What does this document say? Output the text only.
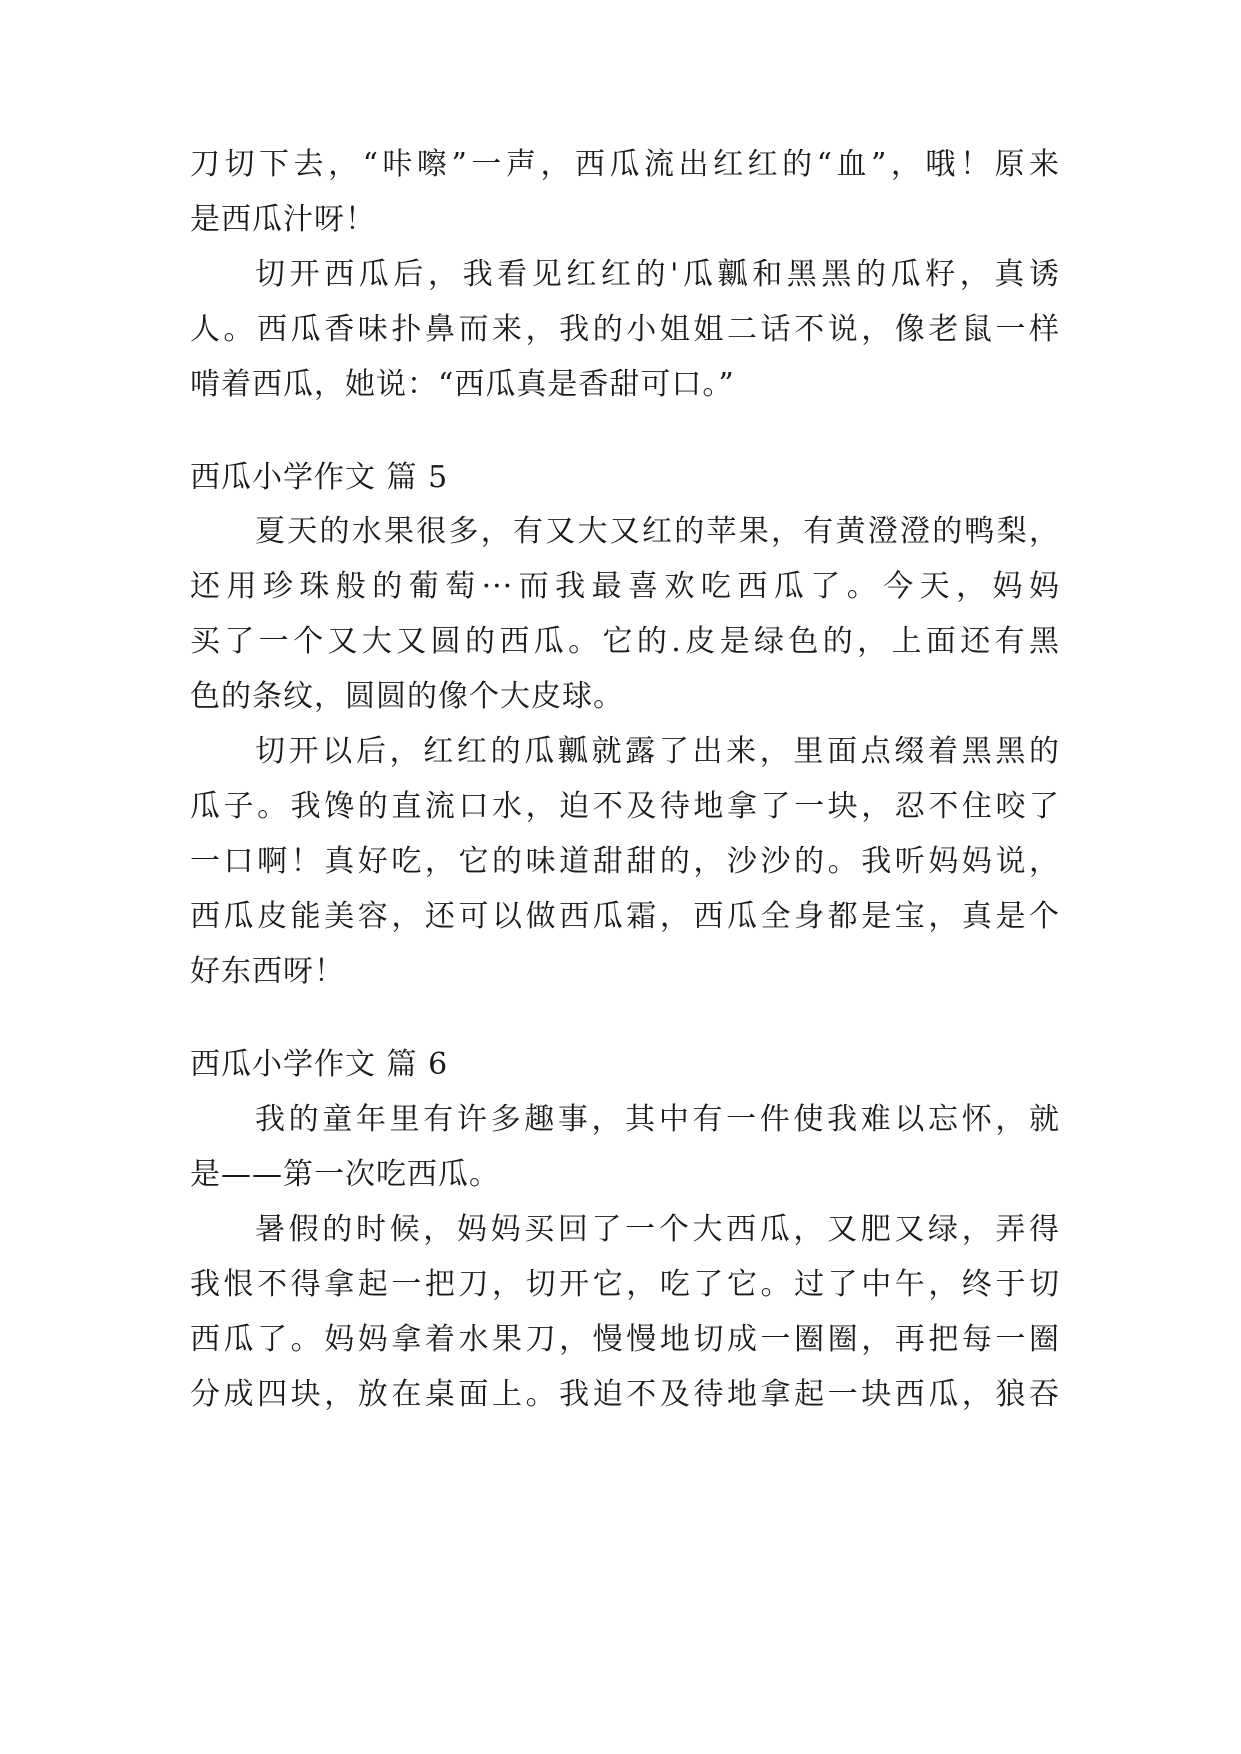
刀切下去，“咔嚓”一声，西瓜流出红红的“血”，哦！原来
是西瓜汁呀！
切开西瓜后，我看见红红的'瓜瓤和黑黑的瓜籽，真诱
人。西瓜香味扑鼻而来，我的小姐姐二话不说，像老鼠一样
啃着西瓜，她说：“西瓜真是香甜可口。”
西瓜小学作文 篇 5
夏天的水果很多，有又大又红的苹果，有黄澄澄的鸭梨，
还用珍珠般的葡萄···而我最喜欢吃西瓜了。今天，妈妈
买了一个又大又圆的西瓜。它的.皮是绿色的，上面还有黑
色的条纹，圆圆的像个大皮球。
切开以后，红红的瓜瓤就露了出来，里面点缀着黑黑的
瓜子。我馋的直流口水，迫不及待地拿了一块，忍不住咬了
一口啊！真好吃，它的味道甜甜的，沙沙的。我听妈妈说，
西瓜皮能美容，还可以做西瓜霜，西瓜全身都是宝，真是个
好东西呀！
西瓜小学作文 篇 6
我的童年里有许多趣事，其中有一件使我难以忘怀，就
是——第一次吃西瓜。
暑假的时候，妈妈买回了一个大西瓜，又肥又绿，弄得
我恨不得拿起一把刀，切开它，吃了它。过了中午，终于切
西瓜了。妈妈拿着水果刀，慢慢地切成一圈圈，再把每一圈
分成四块，放在桌面上。我迫不及待地拿起一块西瓜，狼吞
